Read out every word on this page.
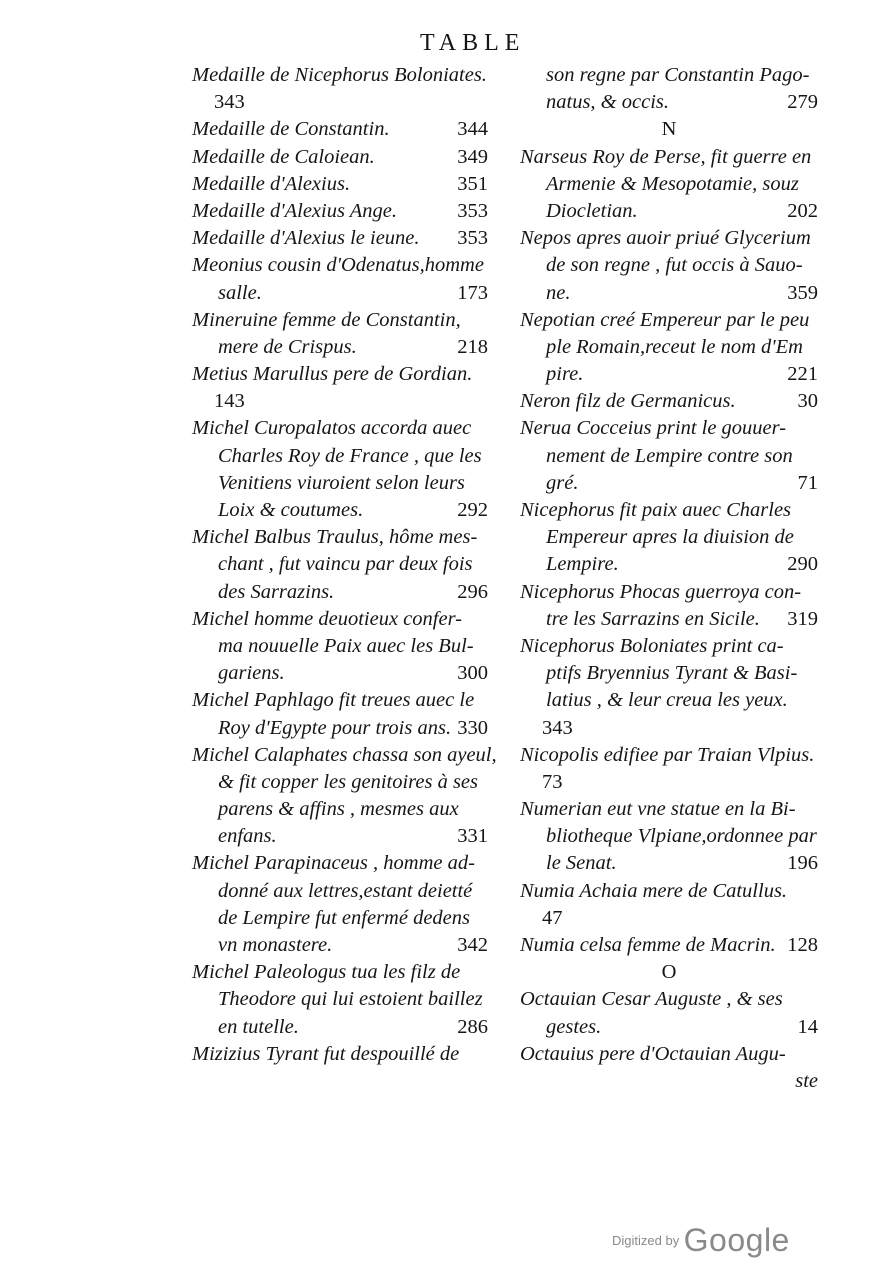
TABLE
Medaille de Nicephorus Boloniates.
343
Medaille de Constantin.	344
Medaille de Caloiean.	349
Medaille d'Alexius.	351
Medaille d'Alexius Ange.	353
Medaille d'Alexius le ieune. 353
Meonius cousin d'Odenatus,homme
salle.	173
Mineruine femme de Constantin,
mere de Crispus.	218
Metius Marullus pere de Gordian.
143
Michel Curopalatos accorda auec
Charles Roy de France , que les
Venitiens viuroient selon leurs
Loix & coutumes.	292
Michel Balbus Traulus, hôme mes-
chant , fut vaincu par deux fois
des Sarrazins.	296
Michel homme deuotieux confer-
ma nouuelle Paix auec les Bul-
gariens.	300
Michel Paphlago fit treues auec le
Roy d'Egypte pour trois ans. 330
Michel Calaphates chassa son ayeul,
& fit copper les genitoires à ses
parens & affins , mesmes aux
enfans.	331
Michel Parapinaceus , homme ad-
donné aux lettres,estant deietté
de Lempire fut enfermé dedens
vn monastere.	342
Michel Paleologus tua les filz de
Theodore qui lui estoient baillez
en tutelle.	286
Mizizius Tyrant fut despouillé de
son regne par Constantin Pago-
natus, & occis.	279
N
Narseus Roy de Perse, fit guerre en
Armenie & Mesopotamie, souz
Diocletian.	202
Nepos apres auoir priué Glycerium
de son regne , fut occis à Sauo-
ne.	359
Nepotian creé Empereur par le peu
ple Romain,receut le nom d'Em
pire.	221
Neron filz de Germanicus.	30
Nerua Cocceius print le gouuer-
nement de Lempire contre son
gré.	71
Nicephorus fit paix auec Charles
Empereur apres la diuision de
Lempire.	290
Nicephorus Phocas guerroya con-
tre les Sarrazins en Sicile. 319
Nicephorus Boloniates print ca-
ptifs Bryennius Tyrant & Basi-
latius , & leur creua les yeux.
343
Nicopolis edifiee par Traian Vlpius.
73
Numerian eut vne statue en la Bi-
bliotheque Vlpiane,ordonnee par
le Senat.	196
Numia Achaia mere de Catullus.
47
Numia celsa femme de Macrin. 128
O
Octauian Cesar Auguste , & ses
gestes.	14
Octauius pere d'Octauian Augu-
ste
Digitized by Google
